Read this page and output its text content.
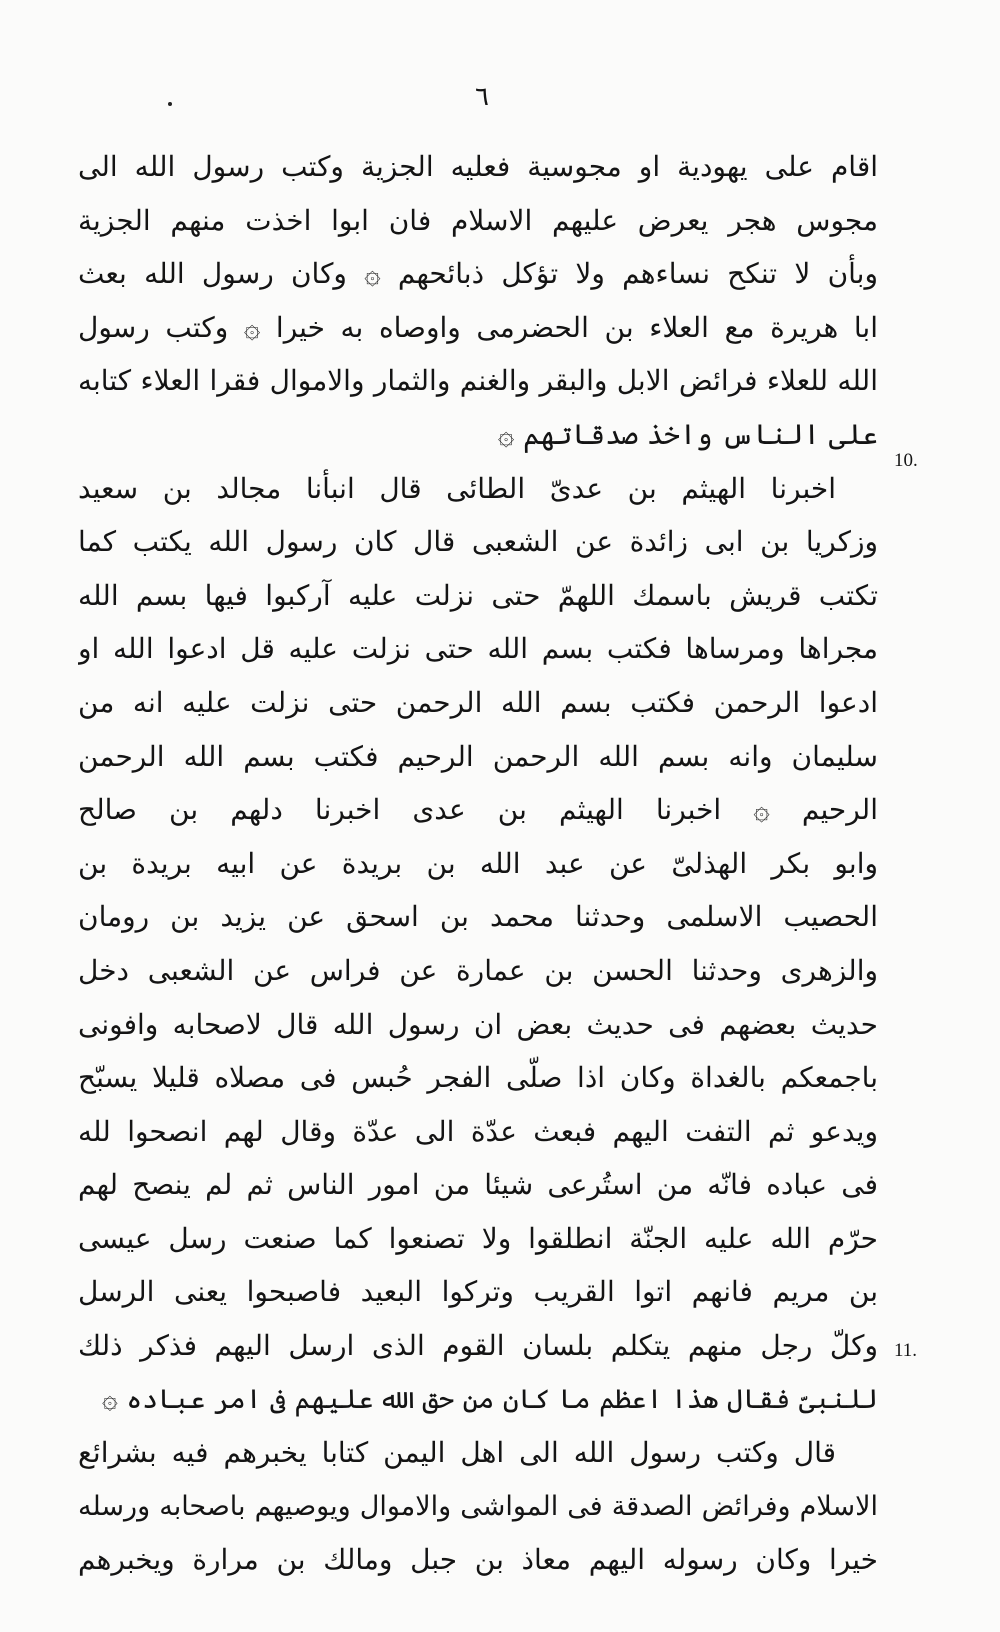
٦
10.
11.
اقام على يهودية او مجوسية فعليه الجزية وكتب رسول الله الى
مجوس هجر يعرض عليهم الاسلام فان ابوا اخذت منهم الجزية
وبأن لا تنكح نساءهم ولا تؤكل ذبائحهم ۞ وكان رسول الله بعث
ابا هريرة مع العلاء بن الحضرمى واوصاه به خيرا ۞ وكتب رسول
الله للعلاء فرائض الابل والبقر والغنم والثمار والاموال فقرا العلاء كتابه
على الناس واخذ صدقاتهم ۞
اخبرنا الهيثم بن عدىّ الطائى قال انبأنا مجالد بن سعيد
وزكريا بن ابى زائدة عن الشعبى قال كان رسول الله يكتب كما
تكتب قريش باسمك اللهمّ حتى نزلت عليه آركبوا فيها بسم الله
مجراها ومرساها فكتب بسم الله حتى نزلت عليه قل ادعوا الله او
ادعوا الرحمن فكتب بسم الله الرحمن حتى نزلت عليه انه من
سليمان وانه بسم الله الرحمن الرحيم فكتب بسم الله الرحمن
الرحيم ۞ اخبرنا الهيثم بن عدى اخبرنا دلهم بن صالح
وابو بكر الهذلىّ عن عبد الله بن بريدة عن ابيه بريدة بن
الحصيب الاسلمى وحدثنا محمد بن اسحق عن يزيد بن رومان
والزهرى وحدثنا الحسن بن عمارة عن فراس عن الشعبى دخل
حديث بعضهم فى حديث بعض ان رسول الله قال لاصحابه وافونى
باجمعكم بالغداة وكان اذا صلّى الفجر حُبس فى مصلاه قليلا يسبّح
ويدعو ثم التفت اليهم فبعث عدّة الى عدّة وقال لهم انصحوا لله
فى عباده فانّه من استُرعى شيئا من امور الناس ثم لم ينصح لهم
حرّم الله عليه الجنّة انطلقوا ولا تصنعوا كما صنعت رسل عيسى
بن مريم فانهم اتوا القريب وتركوا البعيد فاصبحوا يعنى الرسل
وكلّ رجل منهم يتكلم بلسان القوم الذى ارسل اليهم فذكر ذلك
للنبىّ فقال هذا اعظم ما كان من حق الله عليهم فى امر عباده ۞
قال وكتب رسول الله الى اهل اليمن كتابا يخبرهم فيه بشرائع
الاسلام وفرائض الصدقة فى المواشى والاموال ويوصيهم باصحابه ورسله
خيرا وكان رسوله اليهم معاذ بن جبل ومالك بن مرارة ويخبرهم
